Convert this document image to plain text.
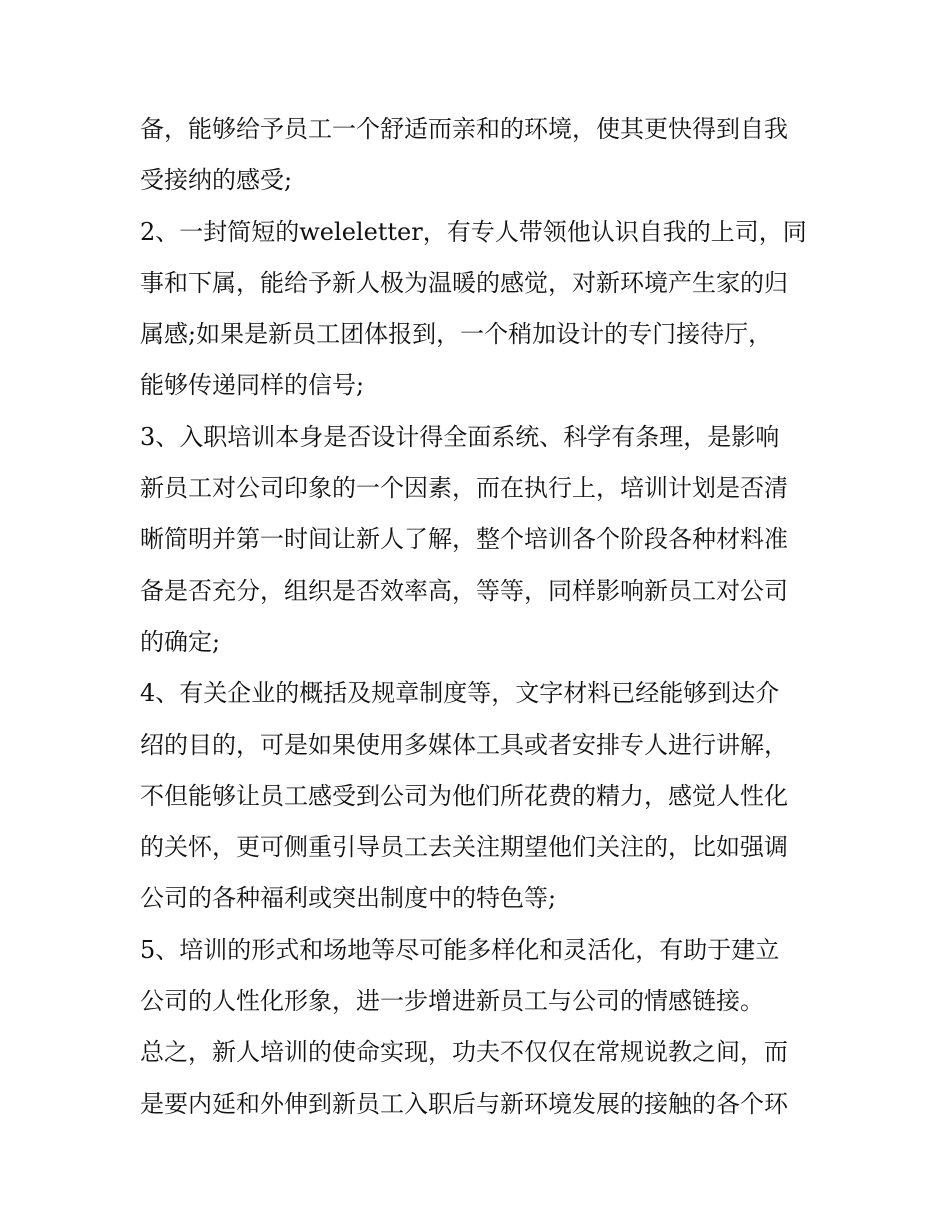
备，能够给予员工一个舒适而亲和的环境，使其更快得到自我
受接纳的感受;
2、一封简短的weleletter，有专人带领他认识自我的上司，同
事和下属，能给予新人极为温暖的感觉，对新环境产生家的归
属感;如果是新员工团体报到，一个稍加设计的专门接待厅，
能够传递同样的信号;
3、入职培训本身是否设计得全面系统、科学有条理，是影响
新员工对公司印象的一个因素，而在执行上，培训计划是否清
晰简明并第一时间让新人了解，整个培训各个阶段各种材料准
备是否充分，组织是否效率高，等等，同样影响新员工对公司
的确定;
4、有关企业的概括及规章制度等，文字材料已经能够到达介
绍的目的，可是如果使用多媒体工具或者安排专人进行讲解，
不但能够让员工感受到公司为他们所花费的精力，感觉人性化
的关怀，更可侧重引导员工去关注期望他们关注的，比如强调
公司的各种福利或突出制度中的特色等;
5、培训的形式和场地等尽可能多样化和灵活化，有助于建立
公司的人性化形象，进一步增进新员工与公司的情感链接。
总之，新人培训的使命实现，功夫不仅仅在常规说教之间，而
是要内延和外伸到新员工入职后与新环境发展的接触的各个环
